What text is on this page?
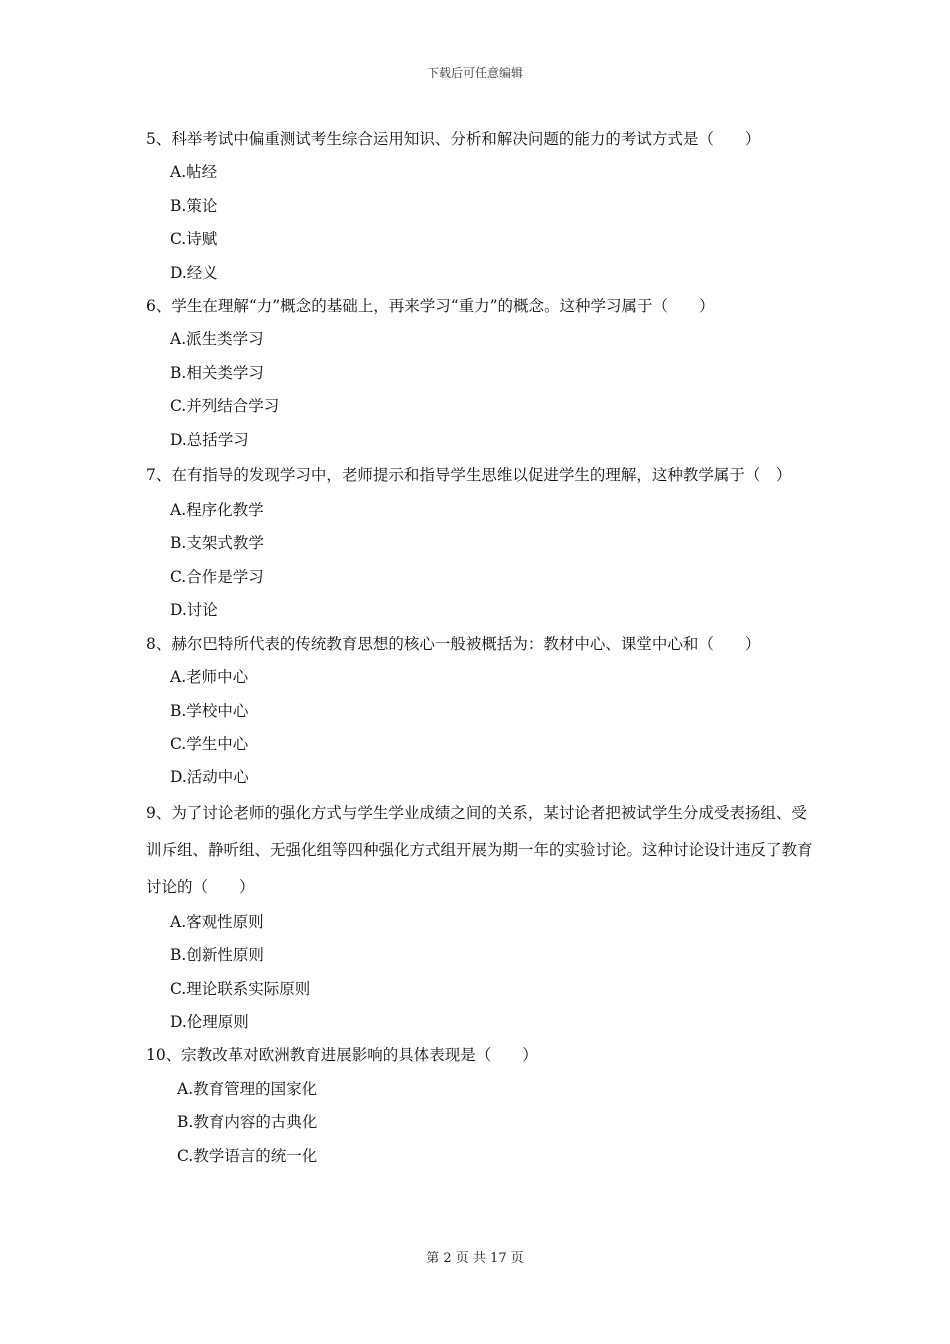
下载后可任意编辑

5、科举考试中偏重测试考生综合运用知识、分析和解决问题的能力的考试方式是（　　）

A.帖经
B.策论
C.诗赋
D.经义

6、学生在理解“力”概念的基础上，再来学习“重力”的概念。这种学习属于（　　）

A.派生类学习
B.相关类学习
C.并列结合学习
D.总括学习

7、在有指导的发现学习中，老师提示和指导学生思维以促进学生的理解，这种教学属于（　）

A.程序化教学
B.支架式教学
C.合作是学习
D.讨论

8、赫尔巴特所代表的传统教育思想的核心一般被概括为：教材中心、课堂中心和（　　）

A.老师中心
B.学校中心
C.学生中心
D.活动中心

9、为了讨论老师的强化方式与学生学业成绩之间的关系，某讨论者把被试学生分成受表扬组、受训斥组、静听组、无强化组等四种强化方式组开展为期一年的实验讨论。这种讨论设计违反了教育讨论的（　　）

A.客观性原则
B.创新性原则
C.理论联系实际原则
D.伦理原则

10、宗教改革对欧洲教育进展影响的具体表现是（　　）

A.教育管理的国家化
B.教育内容的古典化
C.教学语言的统一化
第 2 页 共 17 页
